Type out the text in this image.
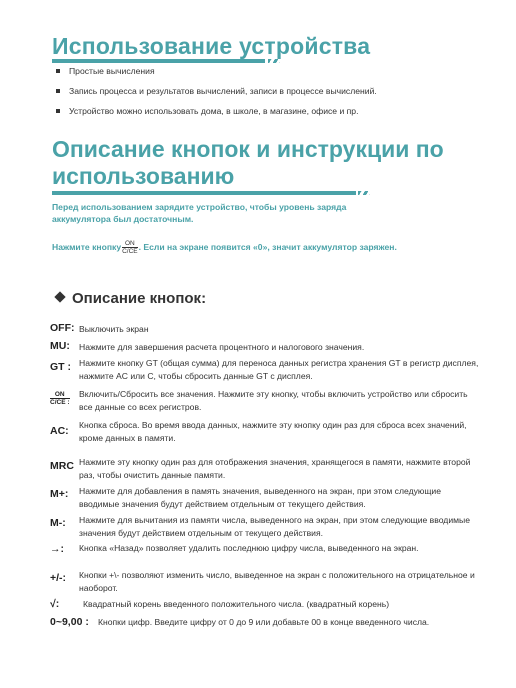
Использование устройства
Простые вычисления
Запись процесса и результатов вычислений, записи в процессе вычислений.
Устройство можно использовать дома, в школе, в магазине, офисе и пр.
Описание кнопок и инструкции по использованию
Перед использованием зарядите устройство, чтобы уровень заряда аккумулятора был достаточным.
Нажмите кнопку $\frac{ON}{C/CE}$. Если на экране появится «0», значит аккумулятор заряжен.
Описание кнопок:
OFF: Выключить экран
MU: Нажмите для завершения расчета процентного и налогового значения.
GT : Нажмите кнопку GT (общая сумма) для переноса данных регистра хранения GT в регистр дисплея, нажмите AC или C, чтобы сбросить данные GT с дисплея.
ON
C/CE :
Включить/Сбросить все значения. Нажмите эту кнопку, чтобы включить устройство или сбросить все данные со всех регистров.
AC: Кнопка сброса. Во время ввода данных, нажмите эту кнопку один раз для сброса всех значений, кроме данных в памяти.
MRC Нажмите эту кнопку один раз для отображения значения, хранящегося в памяти, нажмите второй раз, чтобы очистить данные памяти.
M+: Нажмите для добавления в память значения, выведенного на экран, при этом следующие вводимые значения будут действием отдельным от текущего действия.
M-: Нажмите для вычитания из памяти числа, выведенного на экран, при этом следующие вводимые значения будут действием отдельным от текущего действия.
→: Кнопка «Назад» позволяет удалить последнюю цифру числа, выведенного на экран.
+/-: Кнопки +\- позволяют изменить число, выведенное на экран с положительного на отрицательное и наоборот.
√:	Квадратный корень введенного положительного числа. (квадратный корень)
0~9,00 : Кнопки цифр. Введите цифру от 0 до 9 или добавьте 00 в конце введенного числа.
